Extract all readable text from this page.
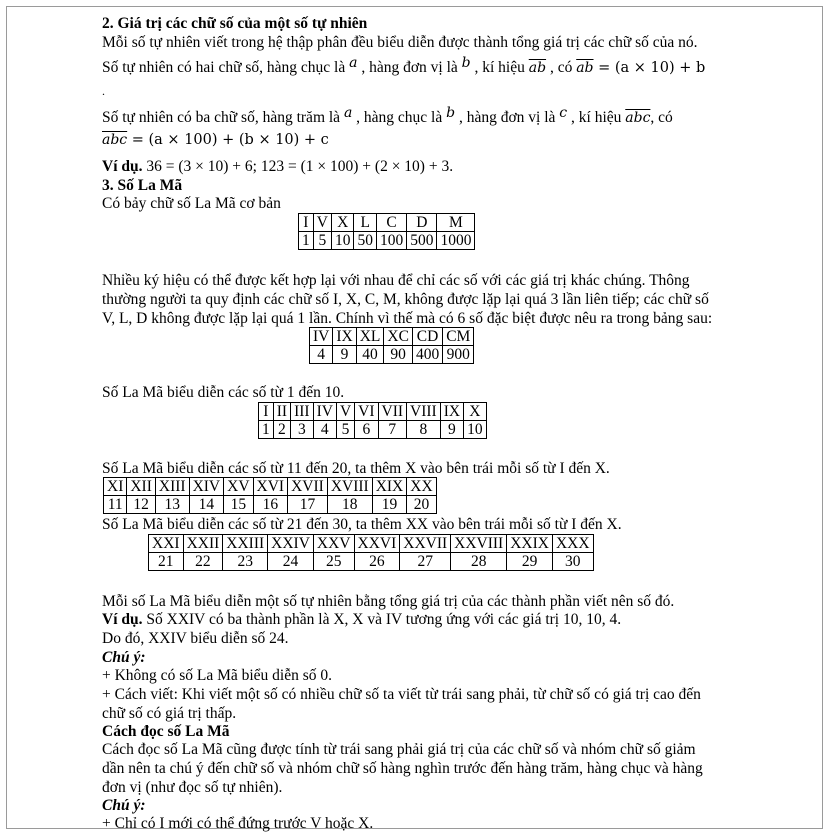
2. Giá trị các chữ số của một số tự nhiên
Mỗi số tự nhiên viết trong hệ thập phân đều biểu diễn được thành tổng giá trị các chữ số của nó.
Số tự nhiên có hai chữ số, hàng chục là a , hàng đơn vị là b , kí hiệu $\overline{ab}$ , có $\overline{ab} = (a \times 10) + b$
.
Số tự nhiên có ba chữ số, hàng trăm là a , hàng chục là b , hàng đơn vị là c , kí hiệu $\overline{abc}$, có
$\overline{abc} = (a \times 100) + (b \times 10) + c$
Ví dụ. 36 = (3 × 10) + 6; 123 = (1 × 100) + (2 × 10) + 3.
3. Số La Mã
Có bảy chữ số La Mã cơ bản
I	V	X	L	C	D	M
1	5	10	50	100	500	1000
Nhiều ký hiệu có thể được kết hợp lại với nhau để chỉ các số với các giá trị khác chúng. Thông
thường người ta quy định các chữ số I, X, C, M, không được lặp lại quá 3 lần liên tiếp; các chữ số
V, L, D không được lặp lại quá 1 lần. Chính vì thế mà có 6 số đặc biệt được nêu ra trong bảng sau:
IV	IX	XL	XC	CD	CM
4	9	40	90	400	900
Số La Mã biểu diễn các số từ 1 đến 10.
I	II	III	IV	V	VI	VII	VIII	IX	X
1	2	3	4	5	6	7	8	9	10
Số La Mã biểu diễn các số từ 11 đến 20, ta thêm X vào bên trái mỗi số từ I đến X.
XI	XII	XIII	XIV	XV	XVI	XVII	XVIII	XIX	XX
11	12	13	14	15	16	17	18	19	20
Số La Mã biểu diễn các số từ 21 đến 30, ta thêm XX vào bên trái mỗi số từ I đến X.
XXI	XXII	XXIII	XXIV	XXV	XXVI	XXVII	XXVIII	XXIX	XXX
21	22	23	24	25	26	27	28	29	30
Mỗi số La Mã biểu diễn một số tự nhiên bằng tổng giá trị của các thành phần viết nên số đó.
Ví dụ. Số XXIV có ba thành phần là X, X và IV tương ứng với các giá trị 10, 10, 4.
Do đó, XXIV biểu diễn số 24.
Chú ý:
+ Không có số La Mã biểu diễn số 0.
+ Cách viết: Khi viết một số có nhiều chữ số ta viết từ trái sang phải, từ chữ số có giá trị cao đến
chữ số có giá trị thấp.
Cách đọc số La Mã
Cách đọc số La Mã cũng được tính từ trái sang phải giá trị của các chữ số và nhóm chữ số giảm
dần nên ta chú ý đến chữ số và nhóm chữ số hàng nghìn trước đến hàng trăm, hàng chục và hàng
đơn vị (như đọc số tự nhiên).
Chú ý:
+ Chỉ có I mới có thể đứng trước V hoặc X.
